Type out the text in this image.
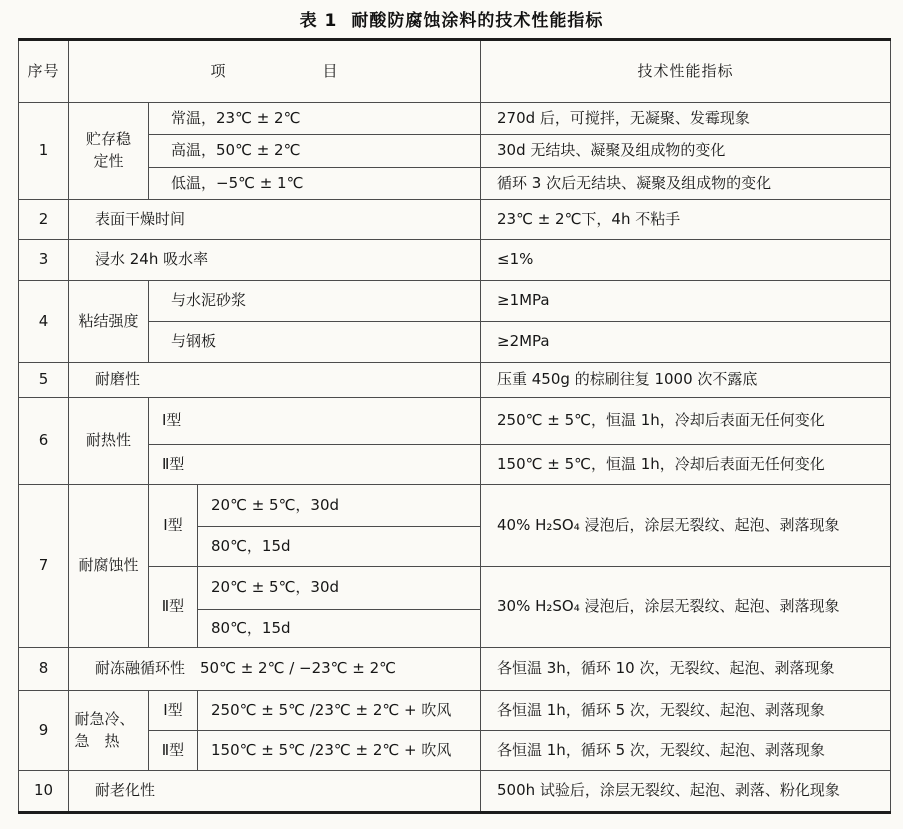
表 1 耐酸防腐蚀涂料的技术性能指标
序号	项　　　　　　目			技术性能指标
1	贮存稳定性	常温，23℃ ± 2℃		270d 后，可搅拌，无凝聚、发霉现象
		高温，50℃ ± 2℃		30d 无结块、凝聚及组成物的变化
		低温，−5℃ ± 1℃		循环 3 次后无结块、凝聚及组成物的变化
2	表面干燥时间			23℃ ± 2℃下，4h 不粘手
3	浸水 24h 吸水率			≤1%
4	粘结强度	与水泥砂浆		≥1MPa
		与钢板		≥2MPa
5	耐磨性			压重 450g 的棕刷往复 1000 次不露底
6	耐热性	Ⅰ型		250℃ ± 5℃，恒温 1h，冷却后表面无任何变化
		Ⅱ型		150℃ ± 5℃，恒温 1h，冷却后表面无任何变化
7	耐腐蚀性	Ⅰ型	20℃ ± 5℃，30d	40% H₂SO₄ 浸泡后，涂层无裂纹、起泡、剥落现象
			80℃，15d	
		Ⅱ型	20℃ ± 5℃，30d	30% H₂SO₄ 浸泡后，涂层无裂纹、起泡、剥落现象
			80℃，15d	
8	耐冻融循环性　50℃ ± 2℃ / −23℃ ± 2℃			各恒温 3h，循环 10 次，无裂纹、起泡、剥落现象
9	耐急冷、急　热	Ⅰ型	250℃ ± 5℃ /23℃ ± 2℃ + 吹风	各恒温 1h，循环 5 次，无裂纹、起泡、剥落现象
		Ⅱ型	150℃ ± 5℃ /23℃ ± 2℃ + 吹风	各恒温 1h，循环 5 次，无裂纹、起泡、剥落现象
10	耐老化性			500h 试验后，涂层无裂纹、起泡、剥落、粉化现象
